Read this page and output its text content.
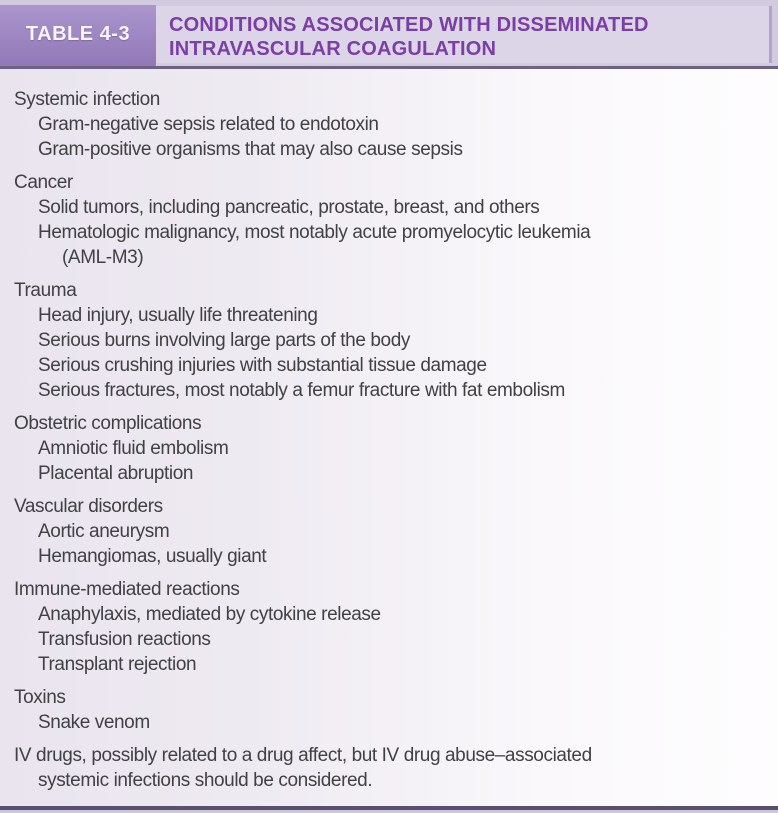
TABLE 4-3 CONDITIONS ASSOCIATED WITH DISSEMINATED
INTRAVASCULAR COAGULATION
Systemic infection
Gram-negative sepsis related to endotoxin
Gram-positive organisms that may also cause sepsis
Cancer
Solid tumors, including pancreatic, prostate, breast, and others
Hematologic malignancy, most notably acute promyelocytic leukemia
(AML-M3)
Trauma
Head injury, usually life threatening
Serious burns involving large parts of the body
Serious crushing injuries with substantial tissue damage
Serious fractures, most notably a femur fracture with fat embolism
Obstetric complications
Amniotic fluid embolism
Placental abruption
Vascular disorders
Aortic aneurysm
Hemangiomas, usually giant
Immune-mediated reactions
Anaphylaxis, mediated by cytokine release
Transfusion reactions
Transplant rejection
Toxins
Snake venom
IV drugs, possibly related to a drug affect, but IV drug abuse–associated
systemic infections should be considered.
